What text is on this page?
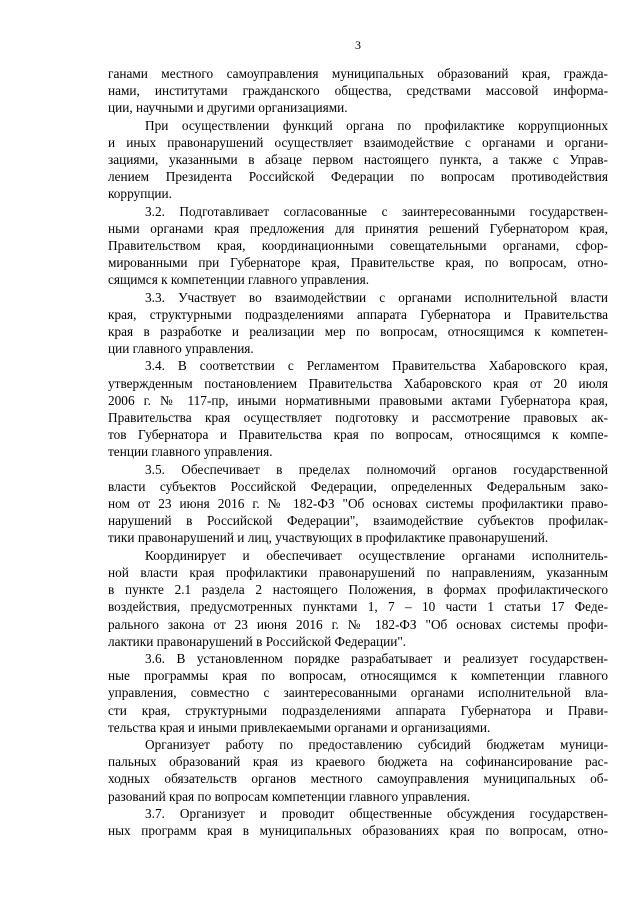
3
ганами местного самоуправления муниципальных образований края, гражда-
нами, институтами гражданского общества, средствами массовой информа-
ции, научными и другими организациями.
При осуществлении функций органа по профилактике коррупционных
и иных правонарушений осуществляет взаимодействие с органами и органи-
зациями, указанными в абзаце первом настоящего пункта, а также с Управ-
лением Президента Российской Федерации по вопросам противодействия
коррупции.
3.2. Подготавливает согласованные с заинтересованными государствен-
ными органами края предложения для принятия решений Губернатором края,
Правительством края, координационными совещательными органами, сфор-
мированными при Губернаторе края, Правительстве края, по вопросам, отно-
сящимся к компетенции главного управления.
3.3. Участвует во взаимодействии с органами исполнительной власти
края, структурными подразделениями аппарата Губернатора и Правительства
края в разработке и реализации мер по вопросам, относящимся к компетен-
ции главного управления.
3.4. В соответствии с Регламентом Правительства Хабаровского края,
утвержденным постановлением Правительства Хабаровского края от 20 июля
2006 г. № 117-пр, иными нормативными правовыми актами Губернатора края,
Правительства края осуществляет подготовку и рассмотрение правовых ак-
тов Губернатора и Правительства края по вопросам, относящимся к компе-
тенции главного управления.
3.5. Обеспечивает в пределах полномочий органов государственной
власти субъектов Российской Федерации, определенных Федеральным зако-
ном от 23 июня 2016 г. № 182-ФЗ "Об основах системы профилактики право-
нарушений в Российской Федерации", взаимодействие субъектов профилак-
тики правонарушений и лиц, участвующих в профилактике правонарушений.
Координирует и обеспечивает осуществление органами исполнитель-
ной власти края профилактики правонарушений по направлениям, указанным
в пункте 2.1 раздела 2 настоящего Положения, в формах профилактического
воздействия, предусмотренных пунктами 1, 7 – 10 части 1 статьи 17 Феде-
рального закона от 23 июня 2016 г. № 182-ФЗ "Об основах системы профи-
лактики правонарушений в Российской Федерации".
3.6. В установленном порядке разрабатывает и реализует государствен-
ные программы края по вопросам, относящимся к компетенции главного
управления, совместно с заинтересованными органами исполнительной вла-
сти края, структурными подразделениями аппарата Губернатора и Прави-
тельства края и иными привлекаемыми органами и организациями.
Организует работу по предоставлению субсидий бюджетам муници-
пальных образований края из краевого бюджета на софинансирование рас-
ходных обязательств органов местного самоуправления муниципальных об-
разований края по вопросам компетенции главного управления.
3.7. Организует и проводит общественные обсуждения государствен-
ных программ края в муниципальных образованиях края по вопросам, отно-
